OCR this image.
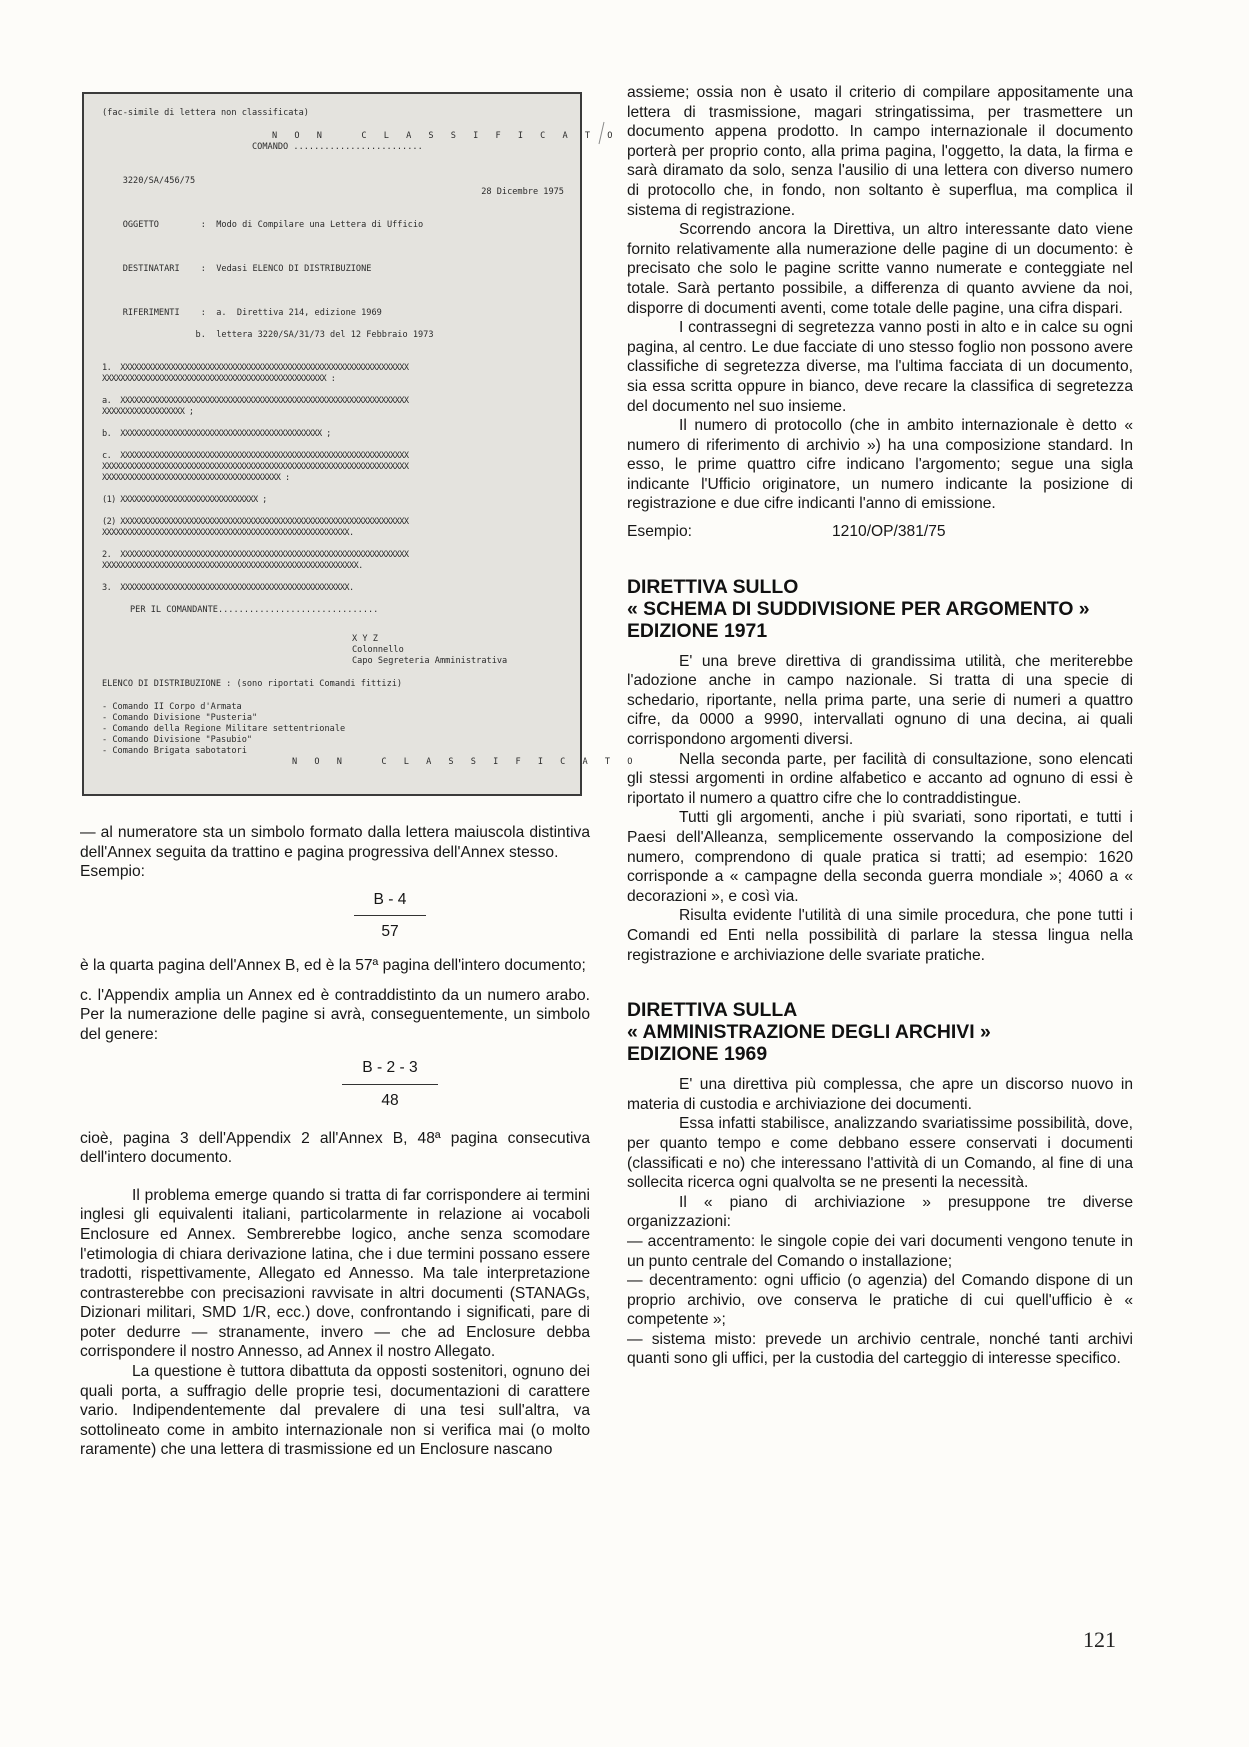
(fac-simile di lettera non classificata)
N O N   C L A S S I F I C A T O
COMANDO .........................

3220/SA/456/75

28 Dicembre 1975

OGGETTO	:  Modo di Compilare una Lettera di Ufficio

DESTINATARI :  Vedasi ELENCO DI DISTRIBUZIONE

RIFERIMENTI :  a.  Direttiva 214, edizione 1969

b.  lettera 3220/SA/31/73 del 12 Febbraio 1973
1.  XXXXXXXXXXXXXXXXXXXXXXXXXXXXXXXXXXXXXXXXXXXXXXXXXXXXXXXXXXXXXXX
XXXXXXXXXXXXXXXXXXXXXXXXXXXXXXXXXXXXXXXXXXXXXXXXX :
a.  XXXXXXXXXXXXXXXXXXXXXXXXXXXXXXXXXXXXXXXXXXXXXXXXXXXXXXXXXXXXXXX
XXXXXXXXXXXXXXXXXX ;
b.  XXXXXXXXXXXXXXXXXXXXXXXXXXXXXXXXXXXXXXXXXXXX ;
c.  XXXXXXXXXXXXXXXXXXXXXXXXXXXXXXXXXXXXXXXXXXXXXXXXXXXXXXXXXXXXXXX
XXXXXXXXXXXXXXXXXXXXXXXXXXXXXXXXXXXXXXXXXXXXXXXXXXXXXXXXXXXXXXXXXXX
XXXXXXXXXXXXXXXXXXXXXXXXXXXXXXXXXXXXXXX :
(1) XXXXXXXXXXXXXXXXXXXXXXXXXXXXXX ;
(2) XXXXXXXXXXXXXXXXXXXXXXXXXXXXXXXXXXXXXXXXXXXXXXXXXXXXXXXXXXXXXXX
XXXXXXXXXXXXXXXXXXXXXXXXXXXXXXXXXXXXXXXXXXXXXXXXXXXXXX.
2.  XXXXXXXXXXXXXXXXXXXXXXXXXXXXXXXXXXXXXXXXXXXXXXXXXXXXXXXXXXXXXXX
XXXXXXXXXXXXXXXXXXXXXXXXXXXXXXXXXXXXXXXXXXXXXXXXXXXXXXXX.
3.  XXXXXXXXXXXXXXXXXXXXXXXXXXXXXXXXXXXXXXXXXXXXXXXXXX.
PER IL COMANDANTE...............................
X Y Z
Colonnello
Capo Segreteria Amministrativa
ELENCO DI DISTRIBUZIONE : (sono riportati Comandi fittizi)
- Comando II Corpo d'Armata
- Comando Divisione "Pusteria"
- Comando della Regione Militare settentrionale
- Comando Divisione "Pasubio"
- Comando Brigata sabotatori
N O N   C L A S S I F I C A T O

— al numeratore sta un simbolo formato dalla lettera maiuscola distintiva dell'Annex seguita da trattino e pagina progressiva dell'Annex stesso.

Esempio:

B - 4
57

è la quarta pagina dell'Annex B, ed è la 57ª pagina dell'intero documento;

c. l'Appendix amplia un Annex ed è contraddistinto da un numero arabo. Per la numerazione delle pagine si avrà, conseguentemente, un simbolo del genere:

B - 2 - 3
48

cioè, pagina 3 dell'Appendix 2 all'Annex B, 48ª pagina consecutiva dell'intero documento.

Il problema emerge quando si tratta di far corrispondere ai termini inglesi gli equivalenti italiani, particolarmente in relazione ai vocaboli Enclosure ed Annex. Sembrerebbe logico, anche senza scomodare l'etimologia di chiara derivazione latina, che i due termini possano essere tradotti, rispettivamente, Allegato ed Annesso. Ma tale interpretazione contrasterebbe con precisazioni ravvisate in altri documenti (STANAGs, Dizionari militari, SMD 1/R, ecc.) dove, confrontando i significati, pare di poter dedurre — stranamente, invero — che ad Enclosure debba corrispondere il nostro Annesso, ad Annex il nostro Allegato.

La questione è tuttora dibattuta da opposti sostenitori, ognuno dei quali porta, a suffragio delle proprie tesi, documentazioni di carattere vario. Indipendentemente dal prevalere di una tesi sull'altra, va sottolineato come in ambito internazionale non si verifica mai (o molto raramente) che una lettera di trasmissione ed un Enclosure nascano

assieme; ossia non è usato il criterio di compilare appositamente una lettera di trasmissione, magari stringatissima, per trasmettere un documento appena prodotto. In campo internazionale il documento porterà per proprio conto, alla prima pagina, l'oggetto, la data, la firma e sarà diramato da solo, senza l'ausilio di una lettera con diverso numero di protocollo che, in fondo, non soltanto è superflua, ma complica il sistema di registrazione.

Scorrendo ancora la Direttiva, un altro interessante dato viene fornito relativamente alla numerazione delle pagine di un documento: è precisato che solo le pagine scritte vanno numerate e conteggiate nel totale. Sarà pertanto possibile, a differenza di quanto avviene da noi, disporre di documenti aventi, come totale delle pagine, una cifra dispari.

I contrassegni di segretezza vanno posti in alto e in calce su ogni pagina, al centro. Le due facciate di uno stesso foglio non possono avere classifiche di segretezza diverse, ma l'ultima facciata di un documento, sia essa scritta oppure in bianco, deve recare la classifica di segretezza del documento nel suo insieme.

Il numero di protocollo (che in ambito internazionale è detto « numero di riferimento di archivio ») ha una composizione standard. In esso, le prime quattro cifre indicano l'argomento; segue una sigla indicante l'Ufficio originatore, un numero indicante la posizione di registrazione e due cifre indicanti l'anno di emissione.

Esempio:	1210/OP/381/75
DIRETTIVA SULLO
« SCHEMA DI SUDDIVISIONE PER ARGOMENTO »
EDIZIONE 1971

E' una breve direttiva di grandissima utilità, che meriterebbe l'adozione anche in campo nazionale. Si tratta di una specie di schedario, riportante, nella prima parte, una serie di numeri a quattro cifre, da 0000 a 9990, intervallati ognuno di una decina, ai quali corrispondono argomenti diversi.

Nella seconda parte, per facilità di consultazione, sono elencati gli stessi argomenti in ordine alfabetico e accanto ad ognuno di essi è riportato il numero a quattro cifre che lo contraddistingue.

Tutti gli argomenti, anche i più svariati, sono riportati, e tutti i Paesi dell'Alleanza, semplicemente osservando la composizione del numero, comprendono di quale pratica si tratti; ad esempio: 1620 corrisponde a « campagne della seconda guerra mondiale »; 4060 a « decorazioni », e così via.

Risulta evidente l'utilità di una simile procedura, che pone tutti i Comandi ed Enti nella possibilità di parlare la stessa lingua nella registrazione e archiviazione delle svariate pratiche.

DIRETTIVA SULLA
« AMMINISTRAZIONE DEGLI ARCHIVI »
EDIZIONE 1969

E' una direttiva più complessa, che apre un discorso nuovo in materia di custodia e archiviazione dei documenti.

Essa infatti stabilisce, analizzando svariatissime possibilità, dove, per quanto tempo e come debbano essere conservati i documenti (classificati e no) che interessano l'attività di un Comando, al fine di una sollecita ricerca ogni qualvolta se ne presenti la necessità.

Il « piano di archiviazione » presuppone tre diverse organizzazioni:

— accentramento: le singole copie dei vari documenti vengono tenute in un punto centrale del Comando o installazione;

— decentramento: ogni ufficio (o agenzia) del Comando dispone di un proprio archivio, ove conserva le pratiche di cui quell'ufficio è « competente »;

— sistema misto: prevede un archivio centrale, nonché tanti archivi quanti sono gli uffici, per la custodia del carteggio di interesse specifico.

121
